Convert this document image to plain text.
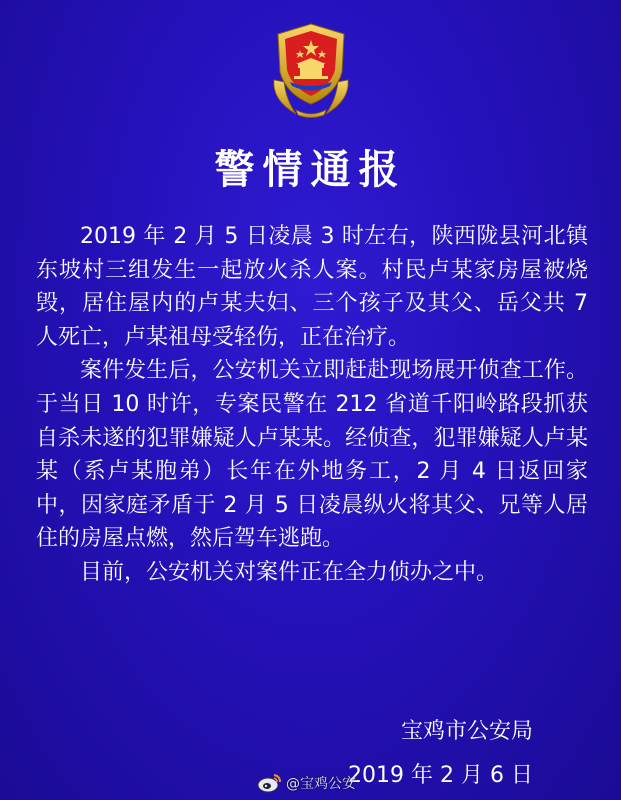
警情通报

2019 年 2 月 5 日凌晨 3 时左右，陕西陇县河北镇东坡村三组发生一起放火杀人案。村民卢某家房屋被烧毁，居住屋内的卢某夫妇、三个孩子及其父、岳父共 7 人死亡，卢某祖母受轻伤，正在治疗。

案件发生后，公安机关立即赶赴现场展开侦查工作。于当日 10 时许，专案民警在 212 省道千阳岭路段抓获自杀未遂的犯罪嫌疑人卢某某。经侦查，犯罪嫌疑人卢某某（系卢某胞弟）长年在外地务工，2 月 4 日返回家中，因家庭矛盾于 2 月 5 日凌晨纵火将其父、兄等人居住的房屋点燃，然后驾车逃跑。

目前，公安机关对案件正在全力侦办之中。

宝鸡市公安局
2019 年 2 月 6 日
@宝鸡公安
